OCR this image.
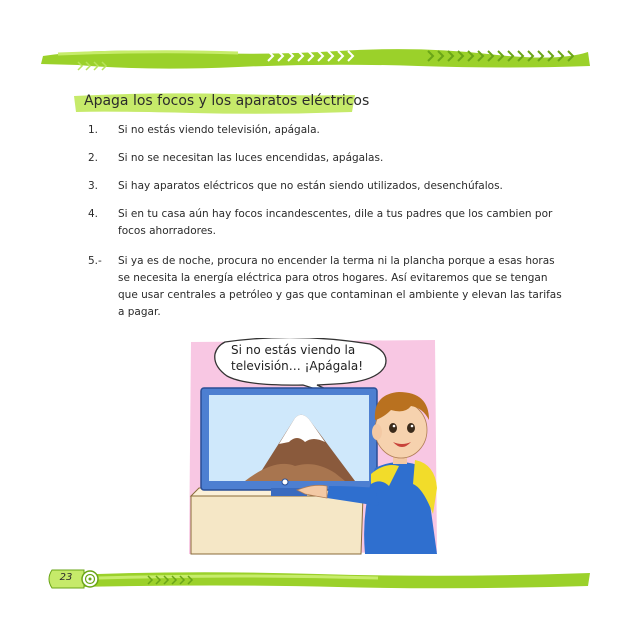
Apaga los focos y los aparatos eléctricos
1.	Si no estás viendo televisión, apágala.
2.	Si no se necesitan las luces encendidas, apágalas.
3.	Si hay aparatos eléctricos que no están siendo utilizados, desenchúfalos.
4.	Si en tu casa aún hay focos incandescentes, dile a tus padres que los cambien por focos ahorradores.
5.-	Si ya es de noche, procura no encender la terma ni la plancha porque a esas horas se necesita la energía eléctrica para otros hogares. Así evitaremos que se tengan que usar centrales a petróleo y gas que contaminan el ambiente y elevan las tarifas a pagar.
Si no estás viendo la televisión… ¡Apágala!
23
